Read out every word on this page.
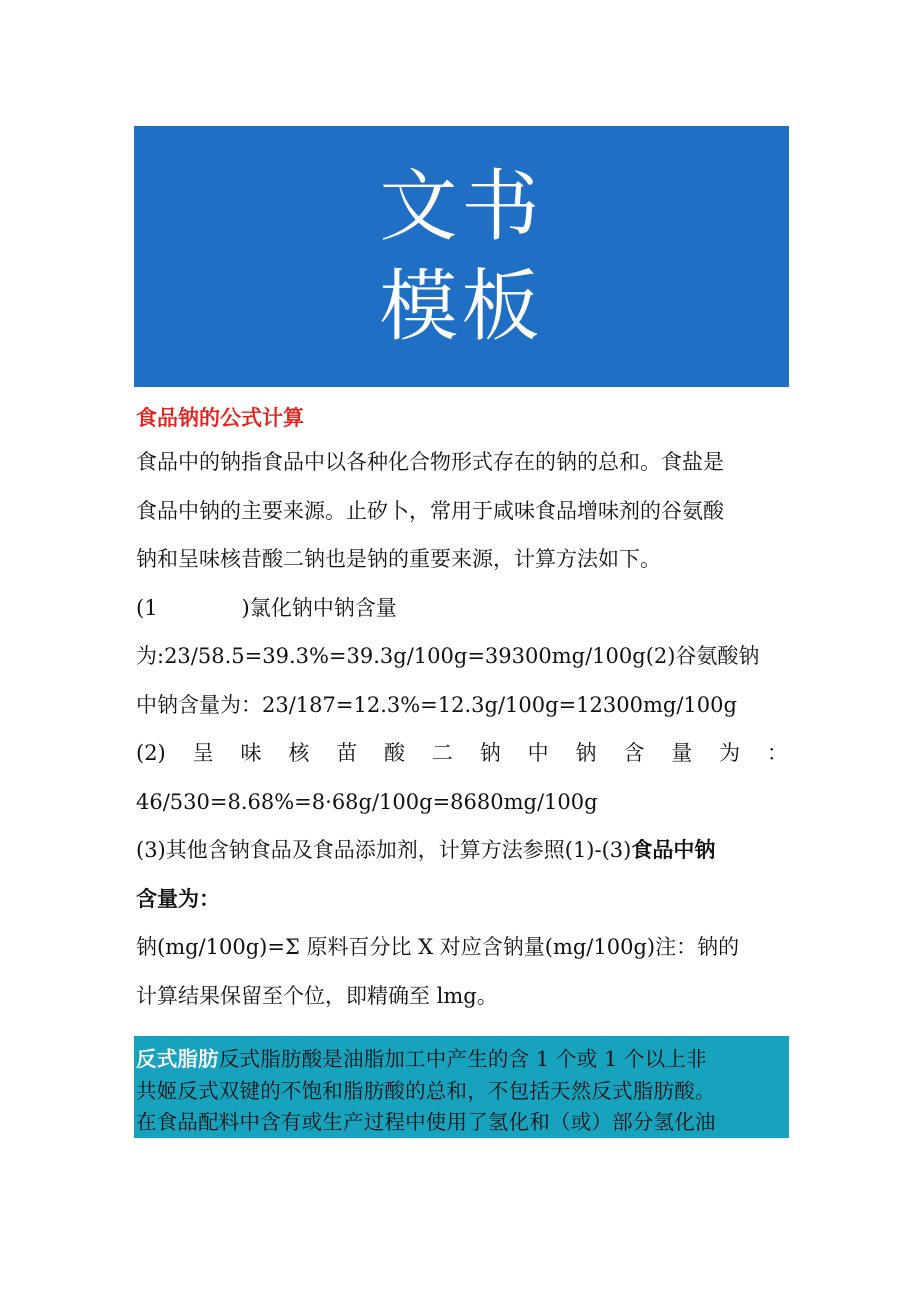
文书
模板
食品钠的公式计算
食品中的钠指食品中以各种化合物形式存在的钠的总和。食盐是
食品中钠的主要来源。止矽卜，常用于咸味食品增味剂的谷氨酸
钠和呈味核昔酸二钠也是钠的重要来源，计算方法如下。
(1　　　　)氯化钠中钠含量
为:23/58.5=39.3%=39.3g/100g=39300mg/100g(2)谷氨酸钠
中钠含量为：23/187=12.3%=12.3g/100g=12300mg/100g
(2) 呈 味 核 苗 酸 二 钠 中 钠 含 量 为 ：
46/530=8.68%=8·68g/100g=8680mg/100g
(3)其他含钠食品及食品添加剂，计算方法参照(1)-(3)食品中钠
含量为：
钠(mg/100g)=Σ 原料百分比 X 对应含钠量(mg/100g)注：钠的
计算结果保留至个位，即精确至 lmg。
反式脂肪反式脂肪酸是油脂加工中产生的含 1 个或 1 个以上非
共姬反式双键的不饱和脂肪酸的总和，不包括天然反式脂肪酸。
在食品配料中含有或生产过程中使用了氢化和（或）部分氢化油
